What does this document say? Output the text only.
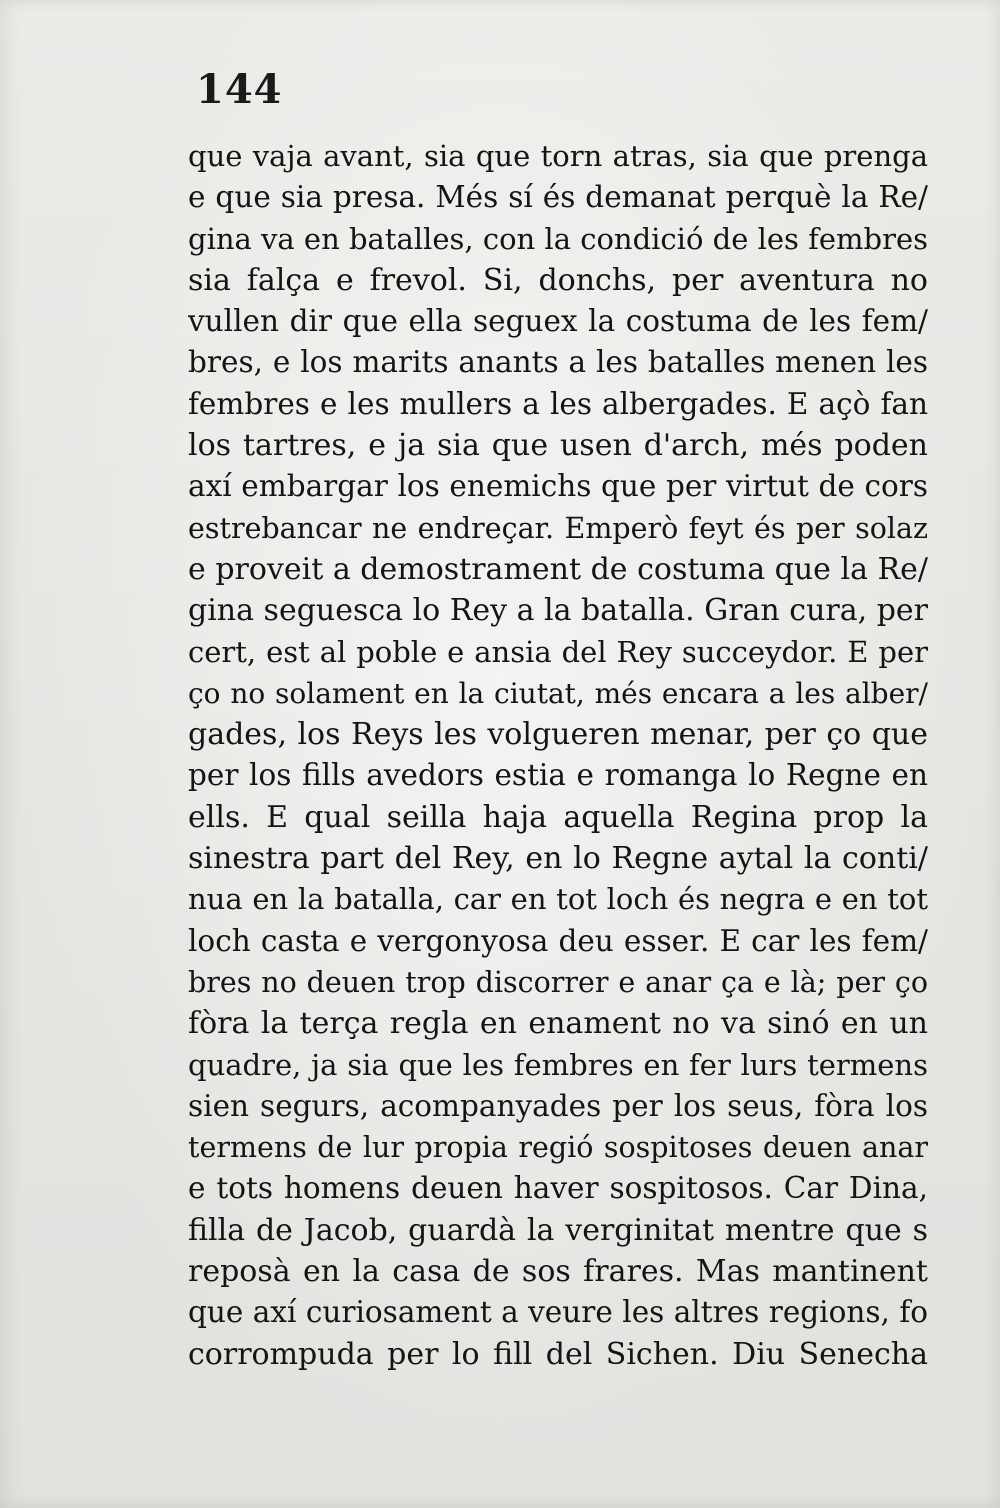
144
que vaja avant, sia que torn atras, sia que prenga
e que sia presa. Més sí és demanat perquè la Re/
gina va en batalles, con la condició de les fembres
sia falça e frevol. Si, donchs, per aventura no
vullen dir que ella seguex la costuma de les fem/
bres, e los marits anants a les batalles menen les
fembres e les mullers a les albergades. E açò fan
los tartres, e ja sia que usen d'arch, més poden
axí embargar los enemichs que per virtut de cors
estrebancar ne endreçar. Emperò feyt és per solaz
e proveit a demostrament de costuma que la Re/
gina seguesca lo Rey a la batalla. Gran cura, per
cert, est al poble e ansia del Rey succeydor. E per
ço no solament en la ciutat, més encara a les alber/
gades, los Reys les volgueren menar, per ço que
per los fills avedors estia e romanga lo Regne en
ells. E qual seilla haja aquella Regina prop la
sinestra part del Rey, en lo Regne aytal la conti/
nua en la batalla, car en tot loch és negra e en tot
loch casta e vergonyosa deu esser. E car les fem/
bres no deuen trop discorrer e anar ça e là; per ço
fòra la terça regla en enament no va sinó en un
quadre, ja sia que les fembres en fer lurs termens
sien segurs, acompanyades per los seus, fòra los
termens de lur propia regió sospitoses deuen anar
e tots homens deuen haver sospitosos. Car Dina,
filla de Jacob, guardà la verginitat mentre que s
reposà en la casa de sos frares. Mas mantinent
que axí curiosament a veure les altres regions, fo
corrompuda per lo fill del Sichen. Diu Senecha
